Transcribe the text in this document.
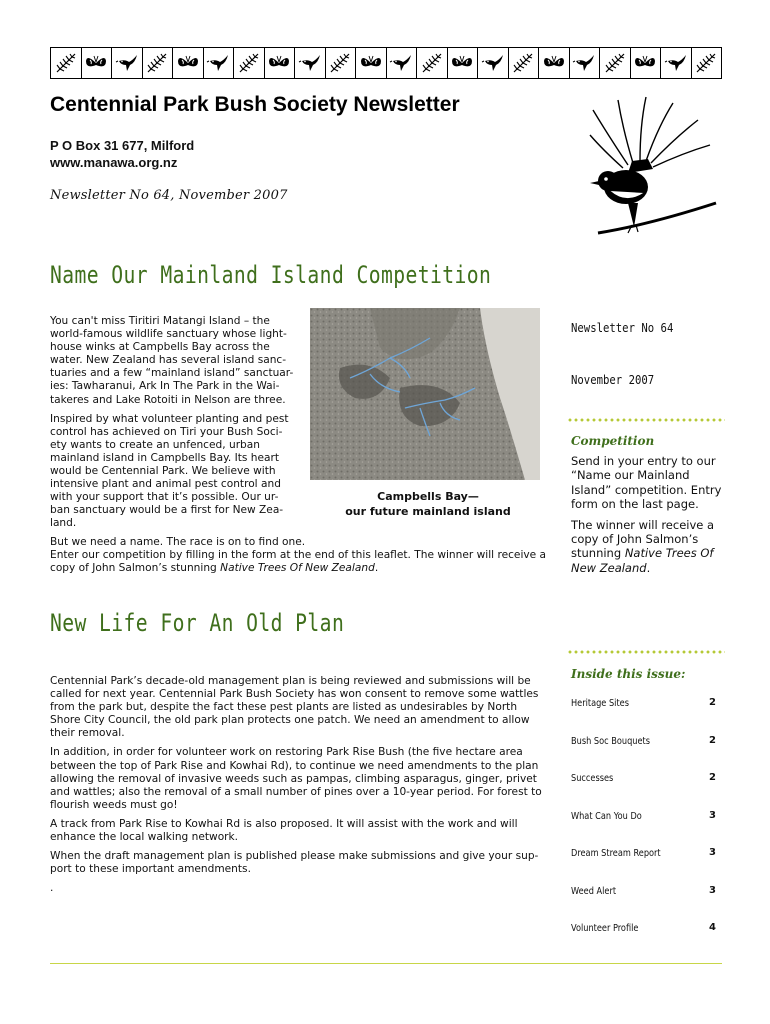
Centennial Park Bush Society Newsletter
P O Box 31 677, Milford
www.manawa.org.nz
Newsletter No 64, November 2007
Name Our Mainland Island Competition

You can't miss Tiritiri Matangi Island – the world-famous wildlife sanctuary whose light-house winks at Campbells Bay across the water. New Zealand has several island sanc-tuaries and a few “mainland island” sanctuar-ies: Tawharanui, Ark In The Park in the Wai-takeres and Lake Rotoiti in Nelson are three.

Inspired by what volunteer planting and pest control has achieved on Tiri your Bush Soci-ety wants to create an unfenced, urban mainland island in Campbells Bay. Its heart would be Centennial Park. We believe with intensive plant and animal pest control and with your support that it’s possible. Our ur-ban sanctuary would be a first for New Zea-land.

Campbells Bay—
our future mainland island
But we need a name. The race is on to find one.
Enter our competition by filling in the form at the end of this leaflet. The winner will receive a copy of John Salmon’s stunning Native Trees Of New Zealand.
New Life For An Old Plan

Centennial Park’s decade-old management plan is being reviewed and submissions will be called for next year. Centennial Park Bush Society has won consent to remove some wattles from the park but, despite the fact these pest plants are listed as undesirables by North Shore City Council, the old park plan protects one patch. We need an amendment to allow their removal.

In addition, in order for volunteer work on restoring Park Rise Bush (the five hectare area between the top of Park Rise and Kowhai Rd), to continue we need amendments to the plan allowing the removal of invasive weeds such as pampas, climbing asparagus, ginger, privet and wattles; also the removal of a small number of pines over a 10-year period. For forest to flourish weeds must go!

A track from Park Rise to Kowhai Rd is also proposed. It will assist with the work and will enhance the local walking network.

When the draft management plan is published please make submissions and give your sup-port to these important amendments.

.

Newsletter No 64
November 2007
Competition

Send in your entry to our “Name our Mainland Island” competition. Entry form on the last page.

The winner will receive a copy of John Salmon’s stunning Native Trees Of New Zealand.

Inside this issue:
Heritage Sites	2
Bush Soc Bouquets	2
Successes	2
What Can You Do	3
Dream Stream Report	3
Weed Alert	3
Volunteer Profile	4
